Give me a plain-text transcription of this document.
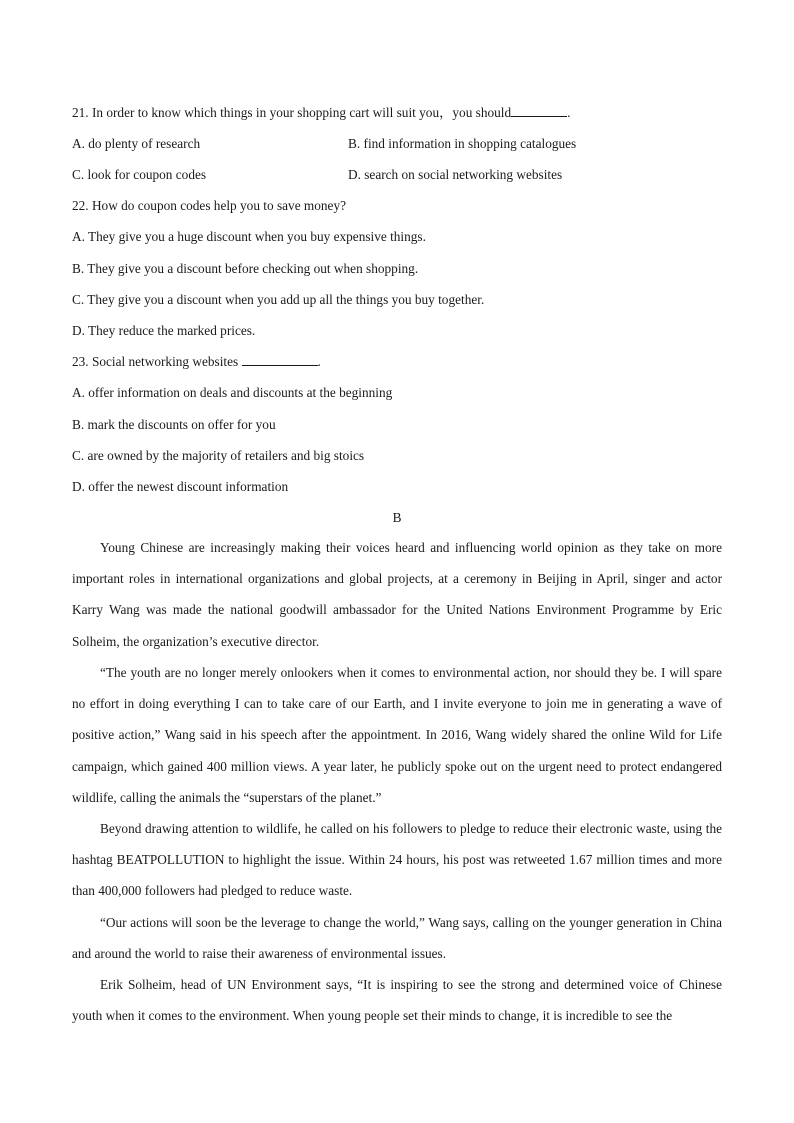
21. In order to know which things in your shopping cart will suit you，you should	.
A. do plenty of research	B. find information in shopping catalogues
C. look for coupon codes	D. search on social networking websites
22. How do coupon codes help you to save money?
A. They give you a huge discount when you buy expensive things.
B. They give you a discount before checking out when shopping.
C. They give you a discount when you add up all the things you buy together.
D. They reduce the marked prices.
23. Social networking websites	.
A. offer information on deals and discounts at the beginning
B. mark the discounts on offer for you
C. are owned by the majority of retailers and big stoics
D. offer the newest discount information
B

Young Chinese are increasingly making their voices heard and influencing world opinion as they take on more important roles in international organizations and global projects, at a ceremony in Beijing in April, singer and actor Karry Wang was made the national goodwill ambassador for the United Nations Environment Programme by Eric Solheim, the organization’s executive director.

“The youth are no longer merely onlookers when it comes to environmental action, nor should they be. I will spare no effort in doing everything I can to take care of our Earth, and I invite everyone to join me in generating a wave of positive action,” Wang said in his speech after the appointment. In 2016, Wang widely shared the online Wild for Life campaign, which gained 400 million views. A year later, he publicly spoke out on the urgent need to protect endangered wildlife, calling the animals the “superstars of the planet.”

Beyond drawing attention to wildlife, he called on his followers to pledge to reduce their electronic waste, using the hashtag BEATPOLLUTION to highlight the issue. Within 24 hours, his post was retweeted 1.67 million times and more than 400,000 followers had pledged to reduce waste.

“Our actions will soon be the leverage to change the world,” Wang says, calling on the younger generation in China and around the world to raise their awareness of environmental issues.

Erik Solheim, head of UN Environment says, “It is inspiring to see the strong and determined voice of Chinese youth when it comes to the environment. When young people set their minds to change, it is incredible to see the
